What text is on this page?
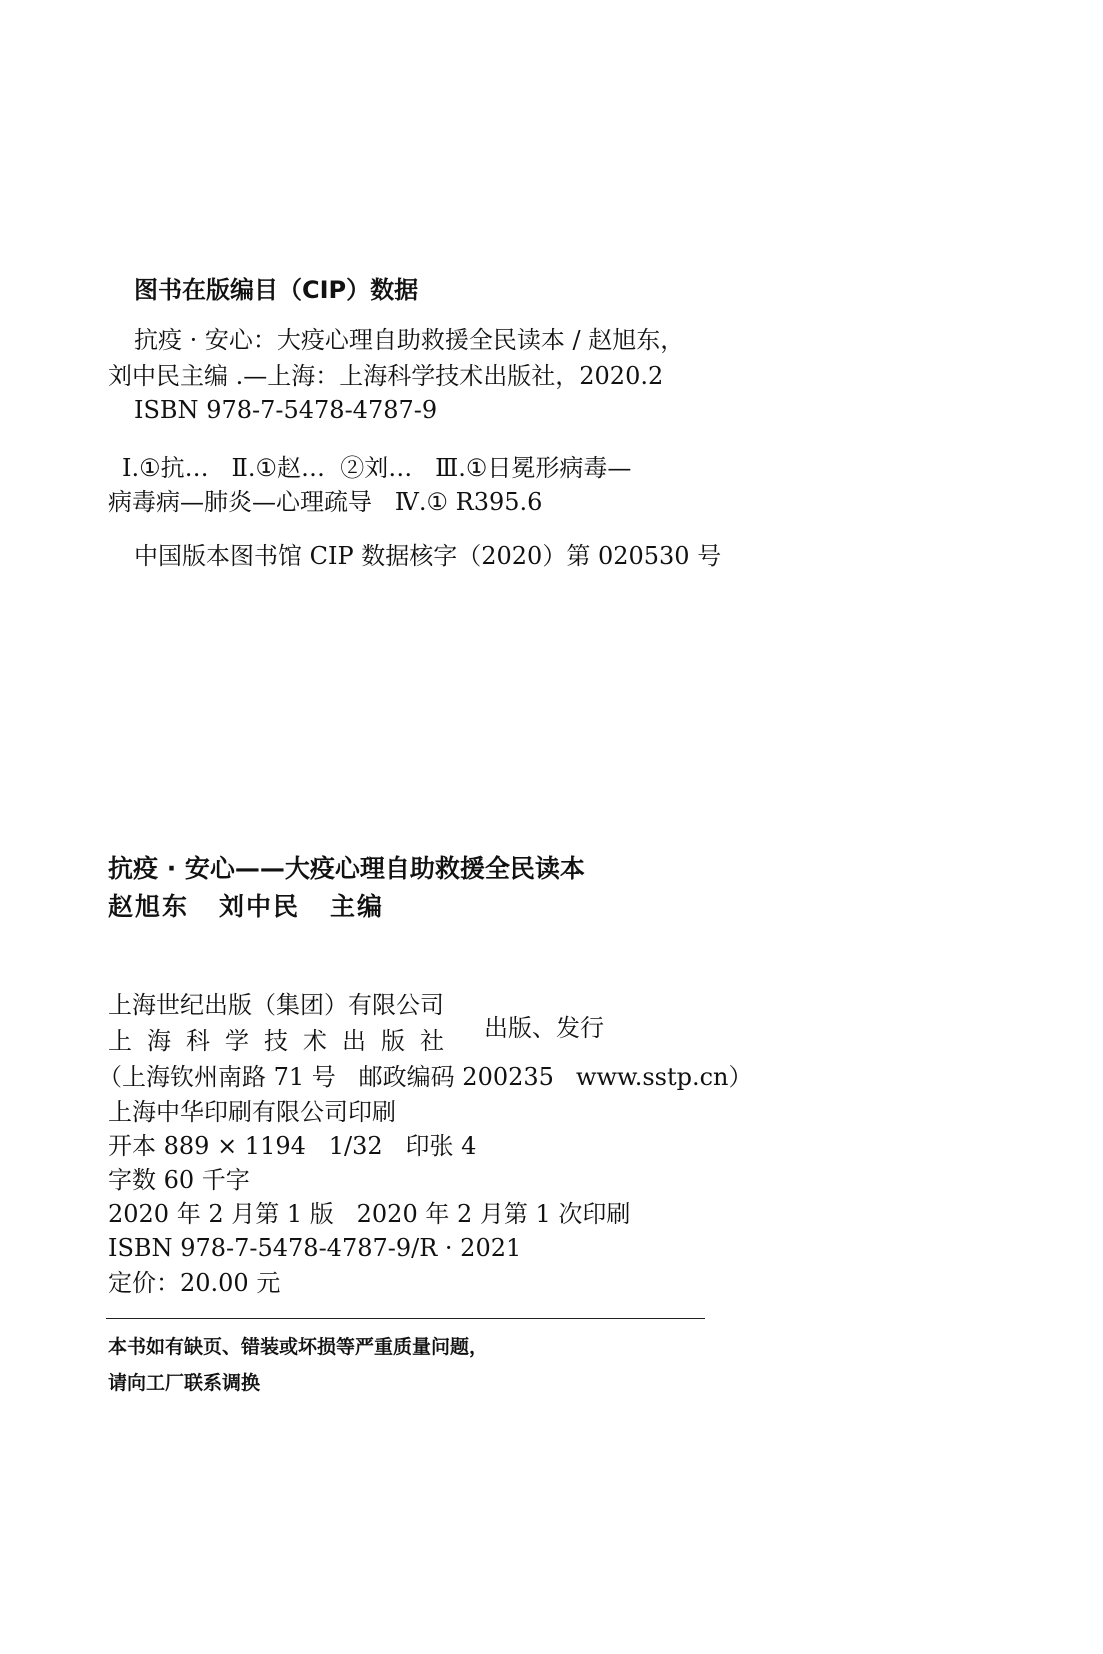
图书在版编目（CIP）数据
抗疫 · 安心：大疫心理自助救援全民读本 / 赵旭东，
刘中民主编 .—上海：上海科学技术出版社，2020.2
ISBN 978-7-5478-4787-9
Ⅰ.①抗…   Ⅱ.①赵…  ②刘…   Ⅲ.①日冕形病毒—
病毒病—肺炎—心理疏导   Ⅳ.① R395.6
中国版本图书馆 CIP 数据核字（2020）第 020530 号
抗疫 · 安心——大疫心理自助救援全民读本
赵旭东 刘中民 主编
上海世纪出版（集团）有限公司
上海科学技术出版社 出版、发行
（上海钦州南路 71 号   邮政编码 200235 www.sstp.cn）
上海中华印刷有限公司印刷
开本 889 × 1194   1/32   印张 4
字数 60 千字
2020 年 2 月第 1 版   2020 年 2 月第 1 次印刷
ISBN 978-7-5478-4787-9/R · 2021
定价：20.00 元
本书如有缺页、错装或坏损等严重质量问题，
请向工厂联系调换
